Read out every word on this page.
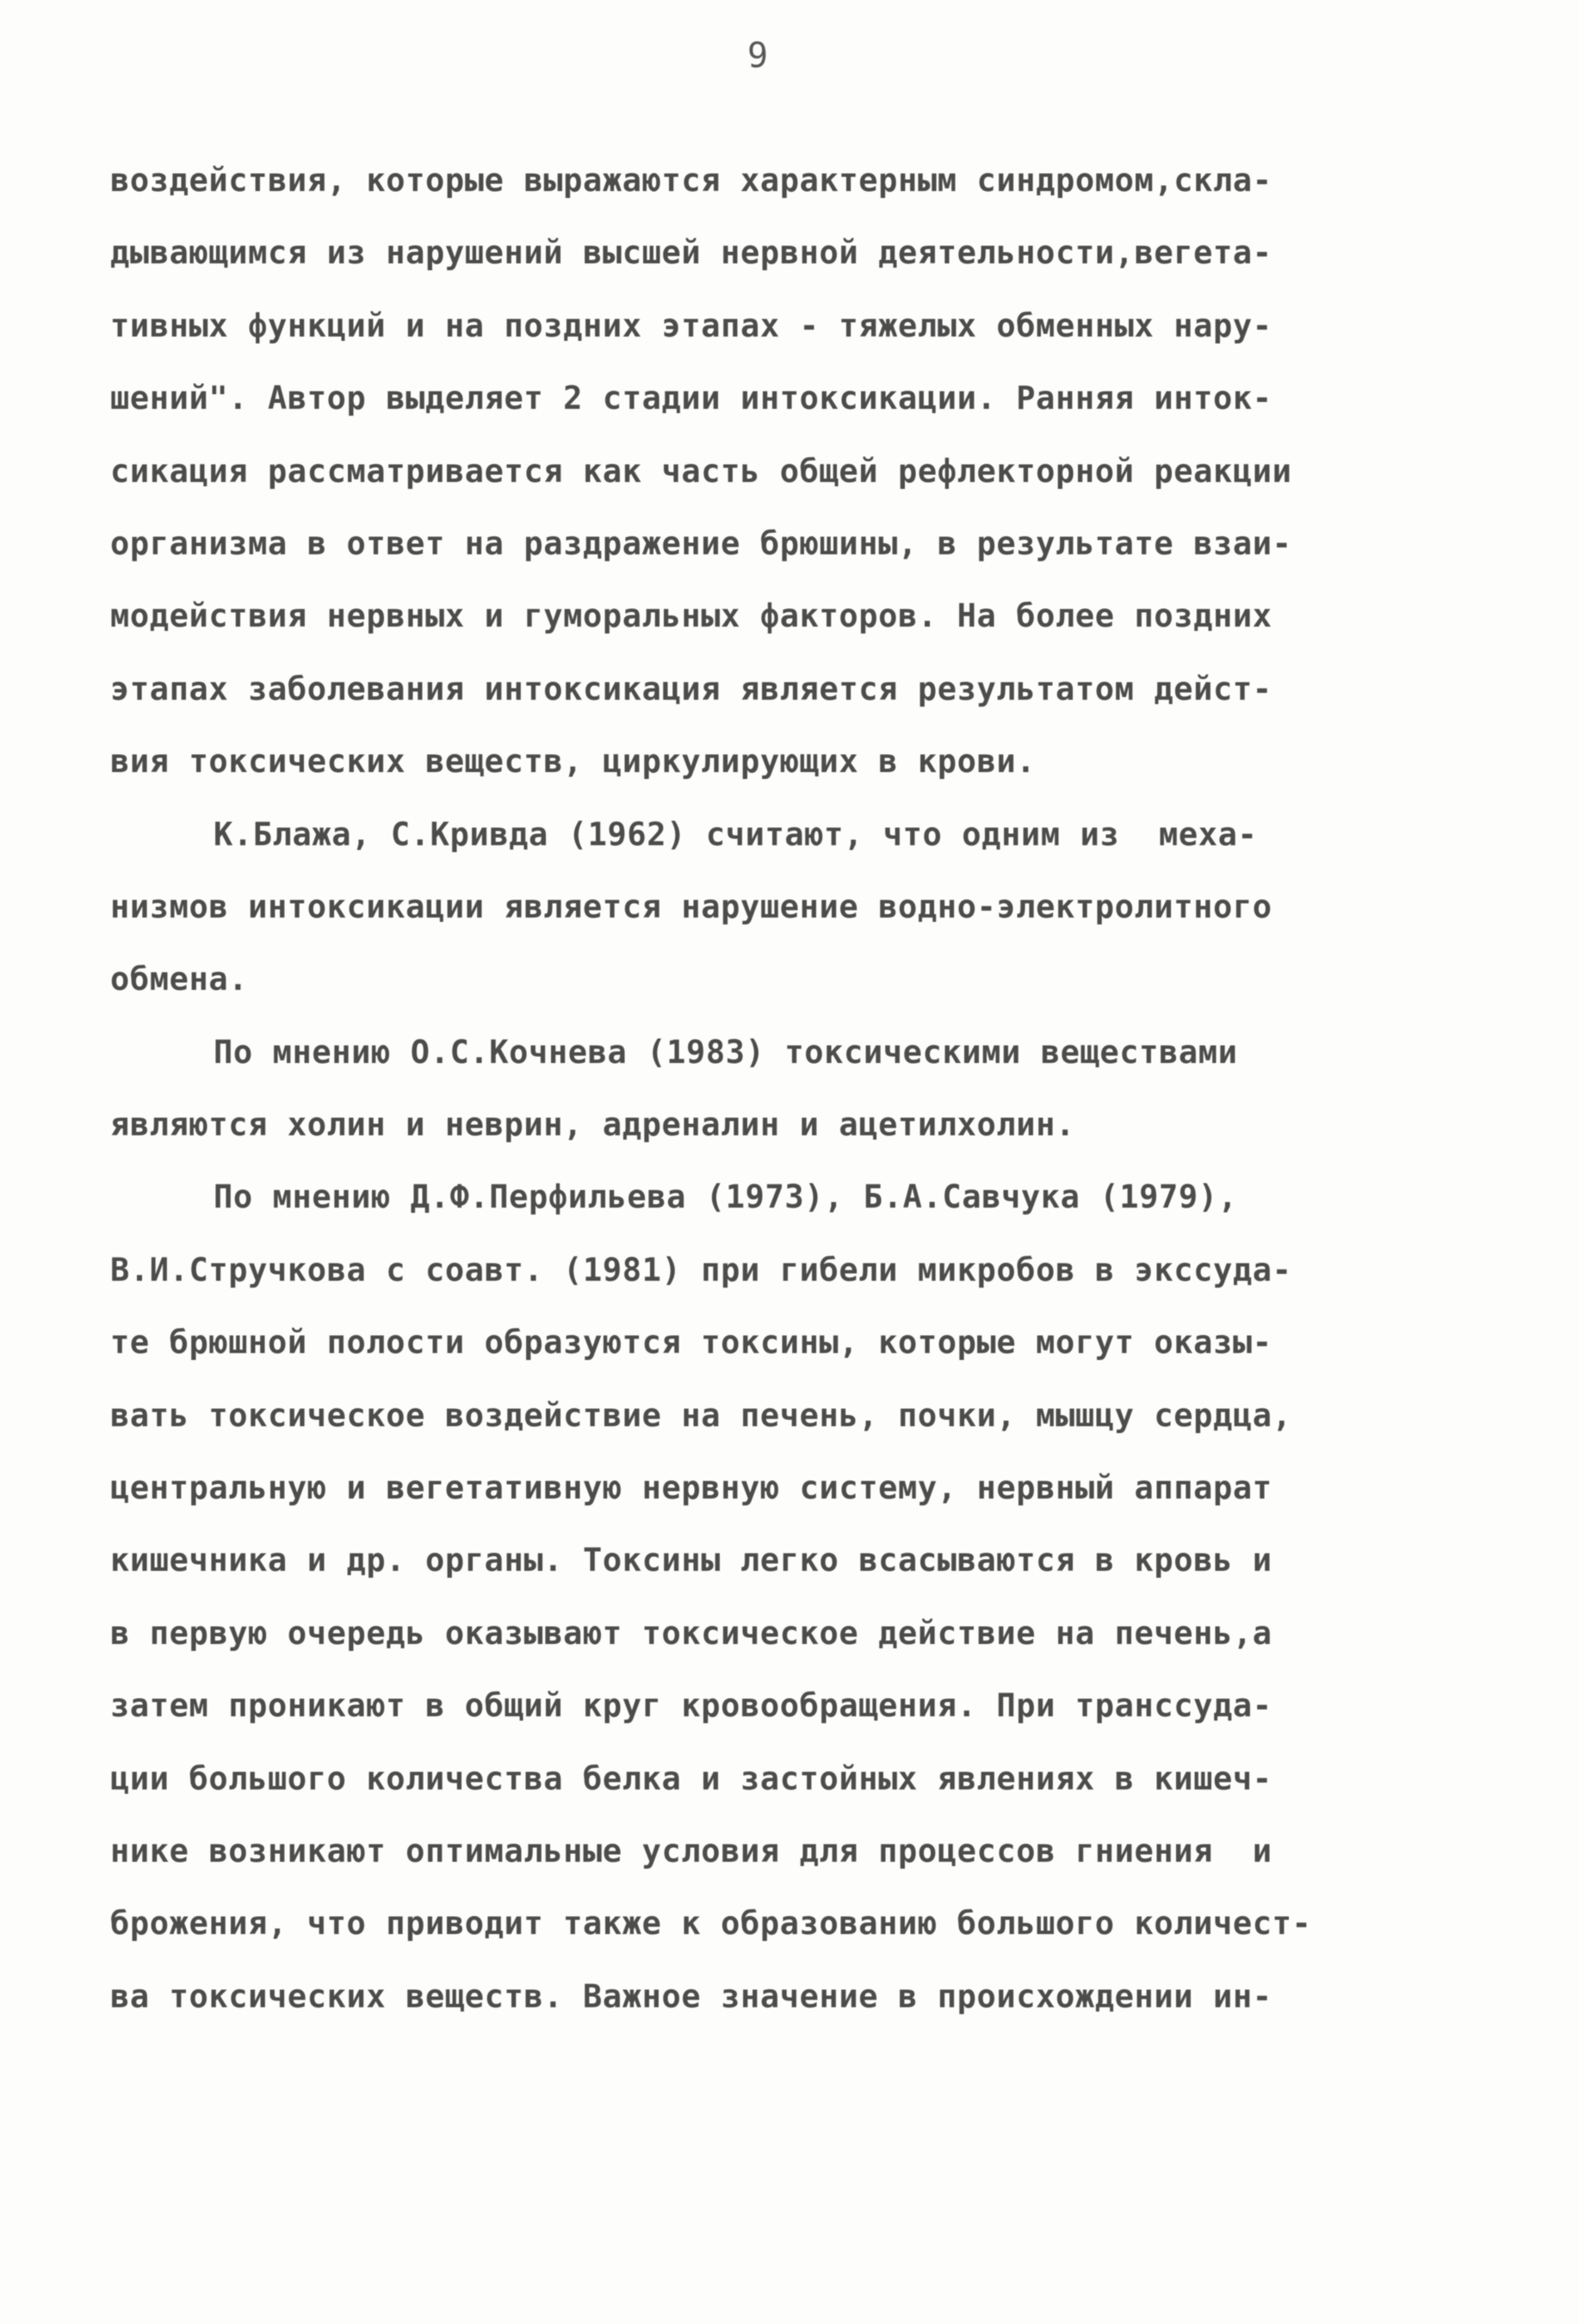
9
воздействия, которые выражаются характерным синдромом,скла-
дывающимся из нарушений высшей нервной деятельности,вегета-
тивных функций и на поздних этапах - тяжелых обменных нару-
шений". Автор выделяет 2 стадии интоксикации. Ранняя инток-
сикация рассматривается как часть общей рефлекторной реакции
организма в ответ на раздражение брюшины, в результате взаи-
модействия нервных и гуморальных факторов. На более поздних
этапах заболевания интоксикация является результатом дейст-
вия токсических веществ, циркулирующих в крови.
К.Блажа, С.Кривда (1962) считают, что одним из  меха-
низмов интоксикации является нарушение водно-электролитного
обмена.
По мнению О.С.Кочнева (1983) токсическими веществами
являются холин и неврин, адреналин и ацетилхолин.
По мнению Д.Ф.Перфильева (1973), Б.А.Савчука (1979),
В.И.Стручкова с соавт. (1981) при гибели микробов в экссуда-
те брюшной полости образуются токсины, которые могут оказы-
вать токсическое воздействие на печень, почки, мышцу сердца,
центральную и вегетативную нервную систему, нервный аппарат
кишечника и др. органы. Токсины легко всасываются в кровь и
в первую очередь оказывают токсическое действие на печень,а
затем проникают в общий круг кровообращения. При транссуда-
ции большого количества белка и застойных явлениях в кишеч-
нике возникают оптимальные условия для процессов гниения  и
брожения, что приводит также к образованию большого количест-
ва токсических веществ. Важное значение в происхождении ин-
